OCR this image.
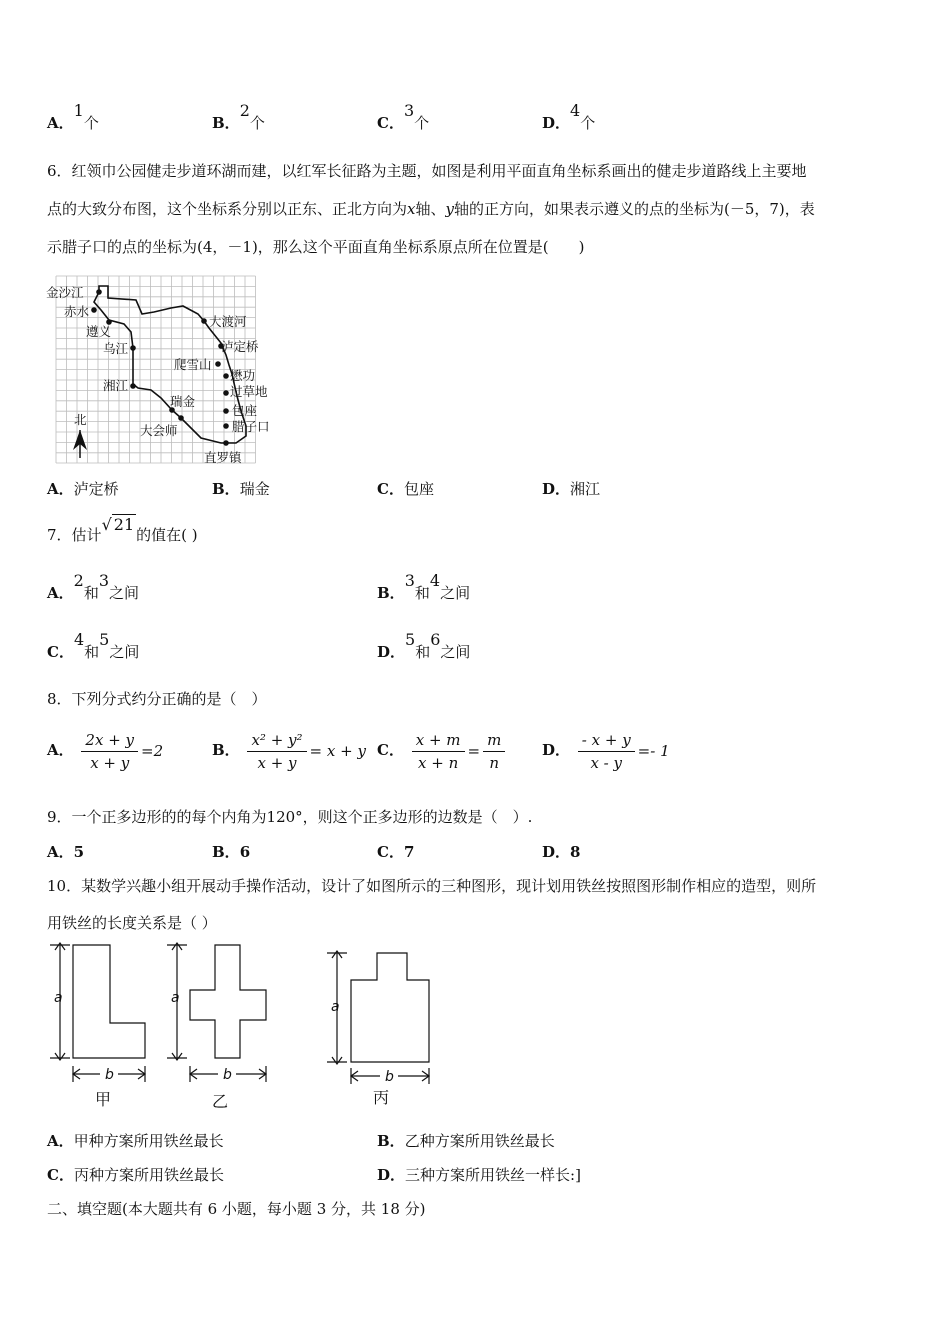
A．1个	B．2个	C．3个	D．4个
6．红领巾公园健走步道环湖而建，以红军长征路为主题，如图是利用平面直角坐标系画出的健走步道路线上主要地
点的大致分布图，这个坐标系分别以正东、正北方向为x轴、y轴的正方向，如果表示遵义的点的坐标为(－5，7)，表
示腊子口的点的坐标为(4，－1)，那么这个平面直角坐标系原点所在位置是(　　)
金沙江
赤水
遵义
乌江
湘江
瑞金
大会师
北
大渡河
泸定桥
爬雪山
懋功
过草地
包座
腊子口
直罗镇
A．泸定桥	B．瑞金	C．包座	D．湘江
7．估计√ 21的值在( )
A．2和3之间	B．3和4之间
C．4和5之间	D．5和6之间
8．下列分式约分正确的是（　）
A． $\frac{2x + y}{x + y} =2$	B． $\frac{\text{x² + y²}}{x + y} = x + y$ C． $\frac{x + m}{x + n} = \frac{m}{n}$ D． $\frac{- x + y}{x - y} =- 1$
9．一个正多边形的的每个内角为120°，则这个正多边形的边数是（　）.
A．5	B．6	C．7	D．8
10．某数学兴趣小组开展动手操作活动，设计了如图所示的三种图形，现计划用铁丝按照图形制作相应的造型，则所
用铁丝的长度关系是（ ）
a
b
a
b
a
b
甲	乙	丙
A．甲种方案所用铁丝最长	B．乙种方案所用铁丝最长
C．丙种方案所用铁丝最长	D．三种方案所用铁丝一样长:]
二、填空题(本大题共有 6 小题，每小题 3 分，共 18 分)
